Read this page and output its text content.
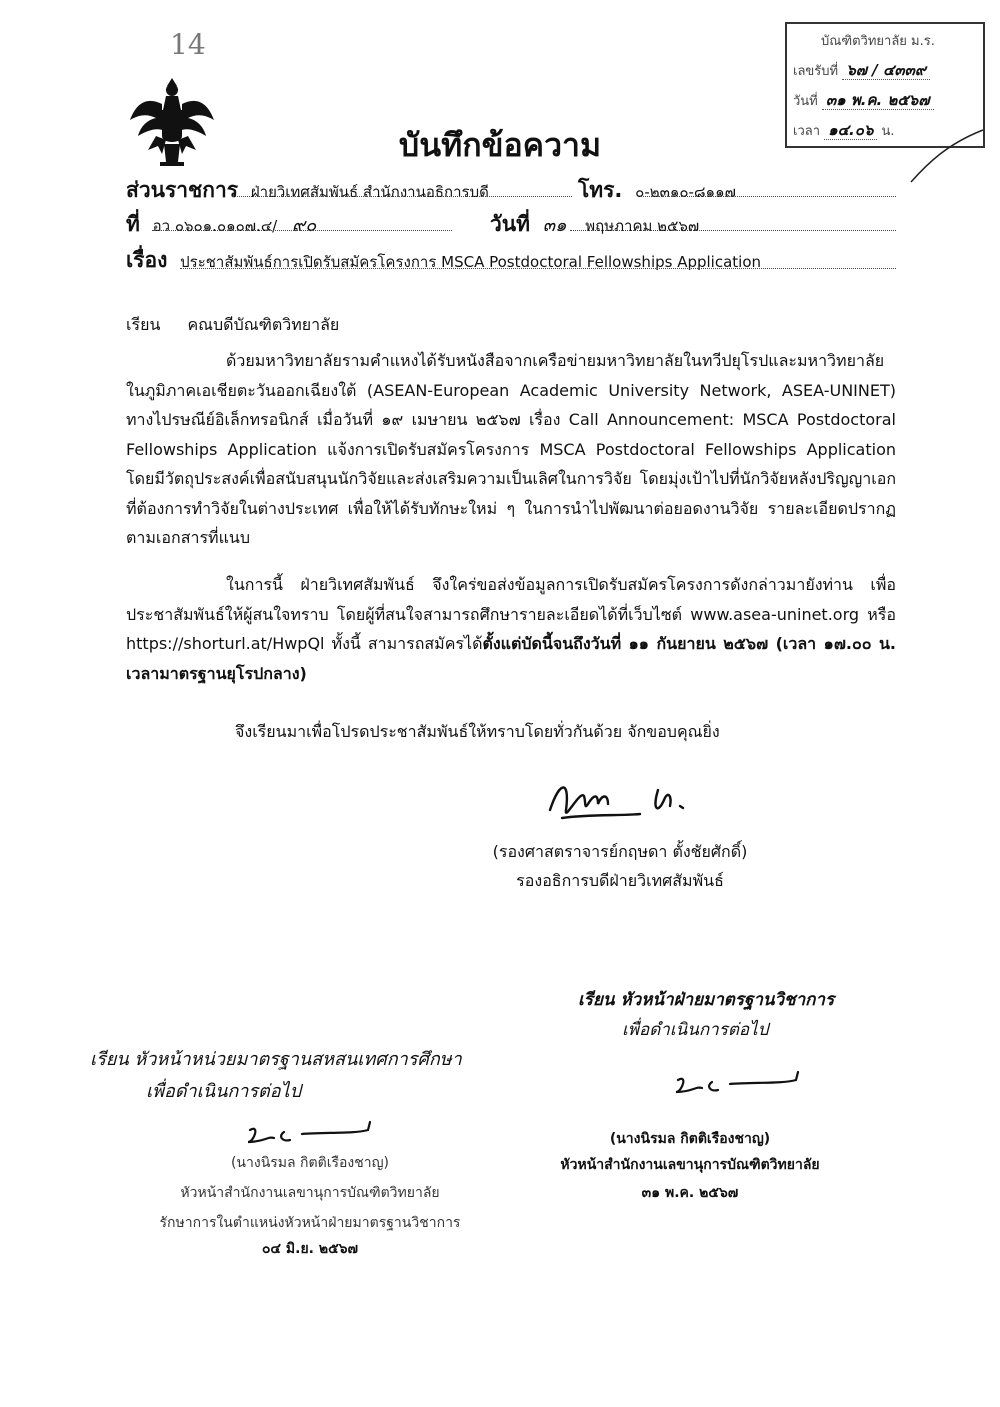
14	บัณฑิตวิทยาลัย ม.ร.
เลขรับที่ ๖๗ / ๔๓๓๙
วันที่ ๓๑ พ.ค. ๒๕๖๗
เวลา ๑๔.๐๖ น.
บันทึกข้อความ
ส่วนราชการ ฝ่ายวิเทศสัมพันธ์ สำนักงานอธิการบดี	โทร. ๐-๒๓๑๐-๘๑๑๗
ที่ อว ๐๖๐๑.๐๑๐๗.๔/ ๙๐	วันที่ ๓๑ พฤษภาคม ๒๕๖๗
เรื่อง ประชาสัมพันธ์การเปิดรับสมัครโครงการ MSCA Postdoctoral Fellowships Application
เรียน คณบดีบัณฑิตวิทยาลัย
ด้วยมหาวิทยาลัยรามคำแหงได้รับหนังสือจากเครือข่ายมหาวิทยาลัยในทวีปยุโรปและมหาวิทยาลัยในภูมิภาคเอเชียตะวันออกเฉียงใต้ (ASEAN-European Academic University Network, ASEA-UNINET) ทางไปรษณีย์อิเล็กทรอนิกส์ เมื่อวันที่ ๑๙ เมษายน ๒๕๖๗ เรื่อง Call Announcement: MSCA Postdoctoral Fellowships Application แจ้งการเปิดรับสมัครโครงการ MSCA Postdoctoral Fellowships Application โดยมีวัตถุประสงค์เพื่อสนับสนุนนักวิจัยและส่งเสริมความเป็นเลิศในการวิจัย โดยมุ่งเป้าไปที่นักวิจัยหลังปริญญาเอก ที่ต้องการทำวิจัยในต่างประเทศ เพื่อให้ได้รับทักษะใหม่ ๆ ในการนำไปพัฒนาต่อยอดงานวิจัย รายละเอียดปรากฏตามเอกสารที่แนบ
ในการนี้ ฝ่ายวิเทศสัมพันธ์ จึงใคร่ขอส่งข้อมูลการเปิดรับสมัครโครงการดังกล่าวมายังท่าน เพื่อประชาสัมพันธ์ให้ผู้สนใจทราบ โดยผู้ที่สนใจสามารถศึกษารายละเอียดได้ที่เว็บไซต์ www.asea-uninet.org หรือ https://shorturl.at/HwpQl ทั้งนี้ สามารถสมัครได้ตั้งแต่บัดนี้จนถึงวันที่ ๑๑ กันยายน ๒๕๖๗ (เวลา ๑๗.๐๐ น. เวลามาตรฐานยุโรปกลาง)
จึงเรียนมาเพื่อโปรดประชาสัมพันธ์ให้ทราบโดยทั่วกันด้วย จักขอบคุณยิ่ง
(รองศาสตราจารย์กฤษดา ตั้งชัยศักดิ์)
รองอธิการบดีฝ่ายวิเทศสัมพันธ์
เรียน หัวหน้าฝ่ายมาตรฐานวิชาการ
เพื่อดำเนินการต่อไป
(นางนิรมล กิตติเรืองชาญ)
หัวหน้าสำนักงานเลขานุการบัณฑิตวิทยาลัย
๓๑ พ.ค. ๒๕๖๗
เรียน หัวหน้าหน่วยมาตรฐานสหสนเทศการศึกษา
เพื่อดำเนินการต่อไป
(นางนิรมล กิตติเรืองชาญ)
หัวหน้าสำนักงานเลขานุการบัณฑิตวิทยาลัย
รักษาการในตำแหน่งหัวหน้าฝ่ายมาตรฐานวิชาการ
๐๔ มิ.ย. ๒๕๖๗
